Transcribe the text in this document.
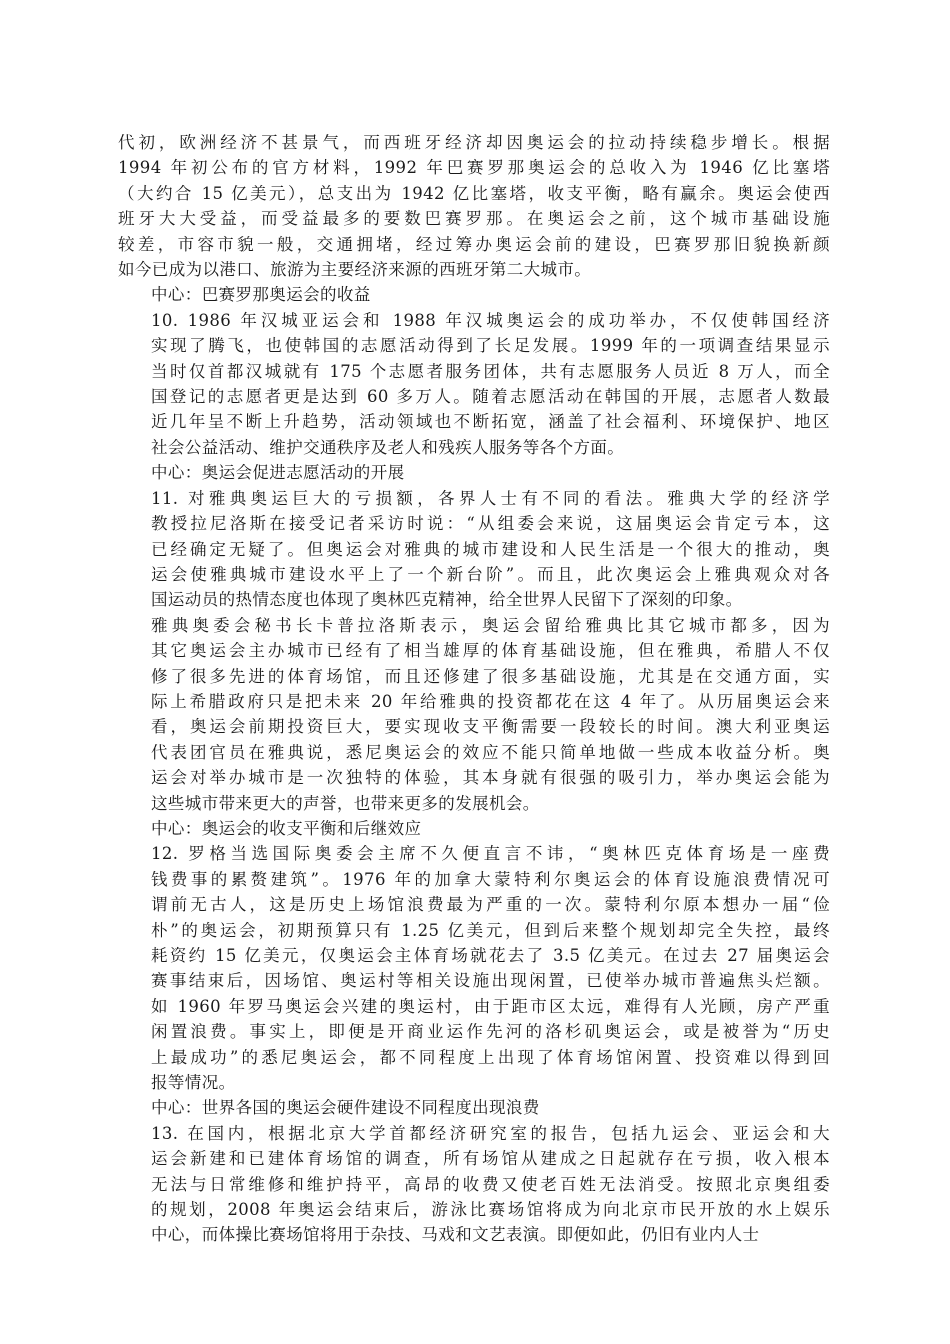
代初，欧洲经济不甚景气，而西班牙经济却因奥运会的拉动持续稳步增长。根据
1994 年初公布的官方材料，1992 年巴赛罗那奥运会的总收入为 1946 亿比塞塔
（大约合 15 亿美元），总支出为 1942 亿比塞塔，收支平衡，略有赢余。奥运会使西
班牙大大受益，而受益最多的要数巴赛罗那。在奥运会之前，这个城市基础设施
较差，市容市貌一般，交通拥堵，经过筹办奥运会前的建设，巴赛罗那旧貌换新颜
如今已成为以港口、旅游为主要经济来源的西班牙第二大城市。

中心：巴赛罗那奥运会的收益

10. 1986 年汉城亚运会和 1988 年汉城奥运会的成功举办，不仅使韩国经济
实现了腾飞，也使韩国的志愿活动得到了长足发展。1999 年的一项调查结果显示
当时仅首都汉城就有 175 个志愿者服务团体，共有志愿服务人员近 8 万人，而全
国登记的志愿者更是达到 60 多万人。随着志愿活动在韩国的开展，志愿者人数最
近几年呈不断上升趋势，活动领域也不断拓宽，涵盖了社会福利、环境保护、地区
社会公益活动、维护交通秩序及老人和残疾人服务等各个方面。

中心：奥运会促进志愿活动的开展

11. 对雅典奥运巨大的亏损额，各界人士有不同的看法。雅典大学的经济学
教授拉尼洛斯在接受记者采访时说：“从组委会来说，这届奥运会肯定亏本，这
已经确定无疑了。但奥运会对雅典的城市建设和人民生活是一个很大的推动，奥
运会使雅典城市建设水平上了一个新台阶”。而且，此次奥运会上雅典观众对各
国运动员的热情态度也体现了奥林匹克精神，给全世界人民留下了深刻的印象。
雅典奥委会秘书长卡普拉洛斯表示，奥运会留给雅典比其它城市都多，因为
其它奥运会主办城市已经有了相当雄厚的体育基础设施，但在雅典，希腊人不仅
修了很多先进的体育场馆，而且还修建了很多基础设施，尤其是在交通方面，实
际上希腊政府只是把未来 20 年给雅典的投资都花在这 4 年了。从历届奥运会来
看，奥运会前期投资巨大，要实现收支平衡需要一段较长的时间。澳大利亚奥运
代表团官员在雅典说，悉尼奥运会的效应不能只简单地做一些成本收益分析。奥
运会对举办城市是一次独特的体验，其本身就有很强的吸引力，举办奥运会能为
这些城市带来更大的声誉，也带来更多的发展机会。

中心：奥运会的收支平衡和后继效应

12. 罗格当选国际奥委会主席不久便直言不讳，“奥林匹克体育场是一座费
钱费事的累赘建筑”。1976 年的加拿大蒙特利尔奥运会的体育设施浪费情况可
谓前无古人，这是历史上场馆浪费最为严重的一次。蒙特利尔原本想办一届“俭
朴”的奥运会，初期预算只有 1.25 亿美元，但到后来整个规划却完全失控，最终
耗资约 15 亿美元，仅奥运会主体育场就花去了 3.5 亿美元。在过去 27 届奥运会
赛事结束后，因场馆、奥运村等相关设施出现闲置，已使举办城市普遍焦头烂额。
如 1960 年罗马奥运会兴建的奥运村，由于距市区太远，难得有人光顾，房产严重
闲置浪费。事实上，即便是开商业运作先河的洛杉矶奥运会，或是被誉为“历史
上最成功”的悉尼奥运会，都不同程度上出现了体育场馆闲置、投资难以得到回
报等情况。

中心：世界各国的奥运会硬件建设不同程度出现浪费

13. 在国内，根据北京大学首都经济研究室的报告，包括九运会、亚运会和大
运会新建和已建体育场馆的调查，所有场馆从建成之日起就存在亏损，收入根本
无法与日常维修和维护持平，高昂的收费又使老百姓无法消受。按照北京奥组委
的规划，2008 年奥运会结束后，游泳比赛场馆将成为向北京市民开放的水上娱乐
中心，而体操比赛场馆将用于杂技、马戏和文艺表演。即便如此，仍旧有业内人士
